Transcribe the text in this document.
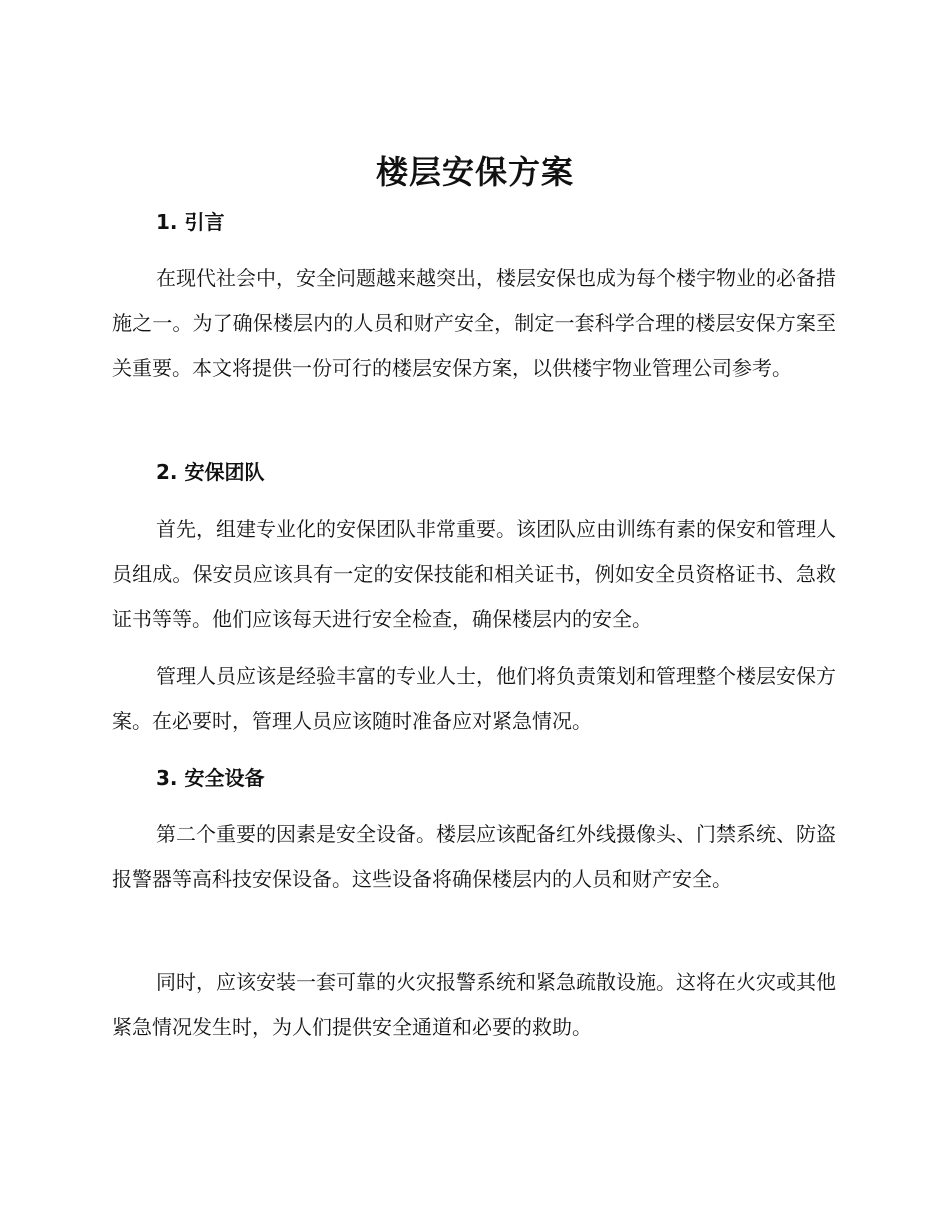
楼层安保方案
1. 引言

在现代社会中，安全问题越来越突出，楼层安保也成为每个楼宇物业的必备措施之一。为了确保楼层内的人员和财产安全，制定一套科学合理的楼层安保方案至关重要。本文将提供一份可行的楼层安保方案，以供楼宇物业管理公司参考。

2. 安保团队

首先，组建专业化的安保团队非常重要。该团队应由训练有素的保安和管理人员组成。保安员应该具有一定的安保技能和相关证书，例如安全员资格证书、急救证书等等。他们应该每天进行安全检查，确保楼层内的安全。

管理人员应该是经验丰富的专业人士，他们将负责策划和管理整个楼层安保方案。在必要时，管理人员应该随时准备应对紧急情况。

3. 安全设备

第二个重要的因素是安全设备。楼层应该配备红外线摄像头、门禁系统、防盗报警器等高科技安保设备。这些设备将确保楼层内的人员和财产安全。

同时，应该安装一套可靠的火灾报警系统和紧急疏散设施。这将在火灾或其他紧急情况发生时，为人们提供安全通道和必要的救助。
